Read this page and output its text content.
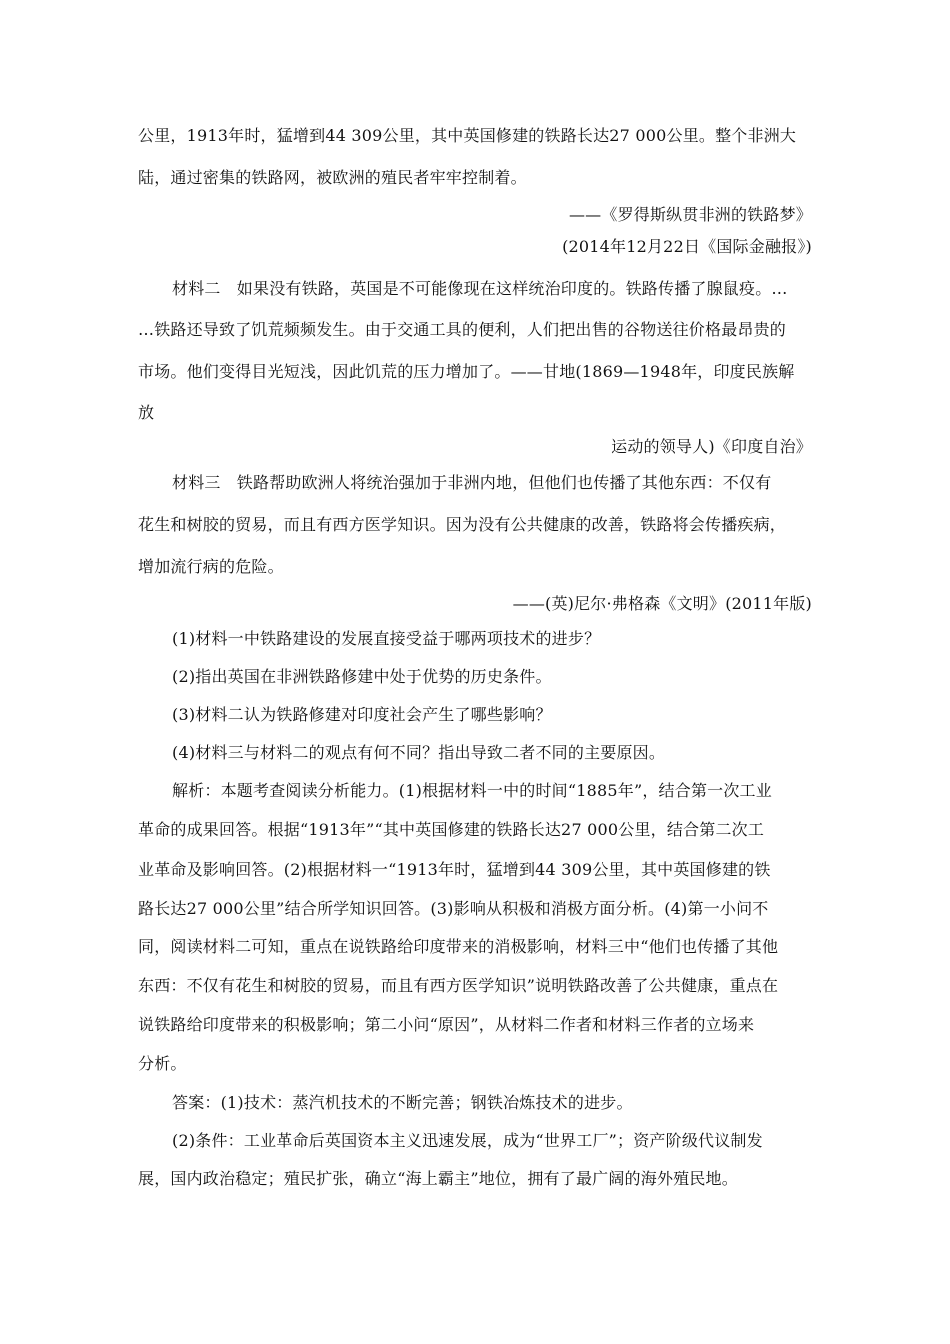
公里，1913年时，猛增到44 309公里，其中英国修建的铁路长达27 000公里。整个非洲大
陆，通过密集的铁路网，被欧洲的殖民者牢牢控制着。
——《罗得斯纵贯非洲的铁路梦》
(2014年12月22日《国际金融报》)
材料二　如果没有铁路，英国是不可能像现在这样统治印度的。铁路传播了腺鼠疫。…
…铁路还导致了饥荒频频发生。由于交通工具的便利，人们把出售的谷物送往价格最昂贵的
市场。他们变得目光短浅，因此饥荒的压力增加了。——甘地(1869—1948年，印度民族解
放
运动的领导人)《印度自治》
材料三　铁路帮助欧洲人将统治强加于非洲内地，但他们也传播了其他东西：不仅有
花生和树胶的贸易，而且有西方医学知识。因为没有公共健康的改善，铁路将会传播疾病，
增加流行病的危险。
——(英)尼尔·弗格森《文明》(2011年版)
(1)材料一中铁路建设的发展直接受益于哪两项技术的进步？
(2)指出英国在非洲铁路修建中处于优势的历史条件。
(3)材料二认为铁路修建对印度社会产生了哪些影响？
(4)材料三与材料二的观点有何不同？指出导致二者不同的主要原因。
解析：本题考查阅读分析能力。(1)根据材料一中的时间“1885年”，结合第一次工业
革命的成果回答。根据“1913年”“其中英国修建的铁路长达27 000公里，结合第二次工
业革命及影响回答。(2)根据材料一“1913年时，猛增到44 309公里，其中英国修建的铁
路长达27 000公里”结合所学知识回答。(3)影响从积极和消极方面分析。(4)第一小问不
同，阅读材料二可知，重点在说铁路给印度带来的消极影响，材料三中“他们也传播了其他
东西：不仅有花生和树胶的贸易，而且有西方医学知识”说明铁路改善了公共健康，重点在
说铁路给印度带来的积极影响；第二小问“原因”，从材料二作者和材料三作者的立场来
分析。
答案：(1)技术：蒸汽机技术的不断完善；钢铁冶炼技术的进步。
(2)条件：工业革命后英国资本主义迅速发展，成为“世界工厂”；资产阶级代议制发
展，国内政治稳定；殖民扩张，确立“海上霸主”地位，拥有了最广阔的海外殖民地。
